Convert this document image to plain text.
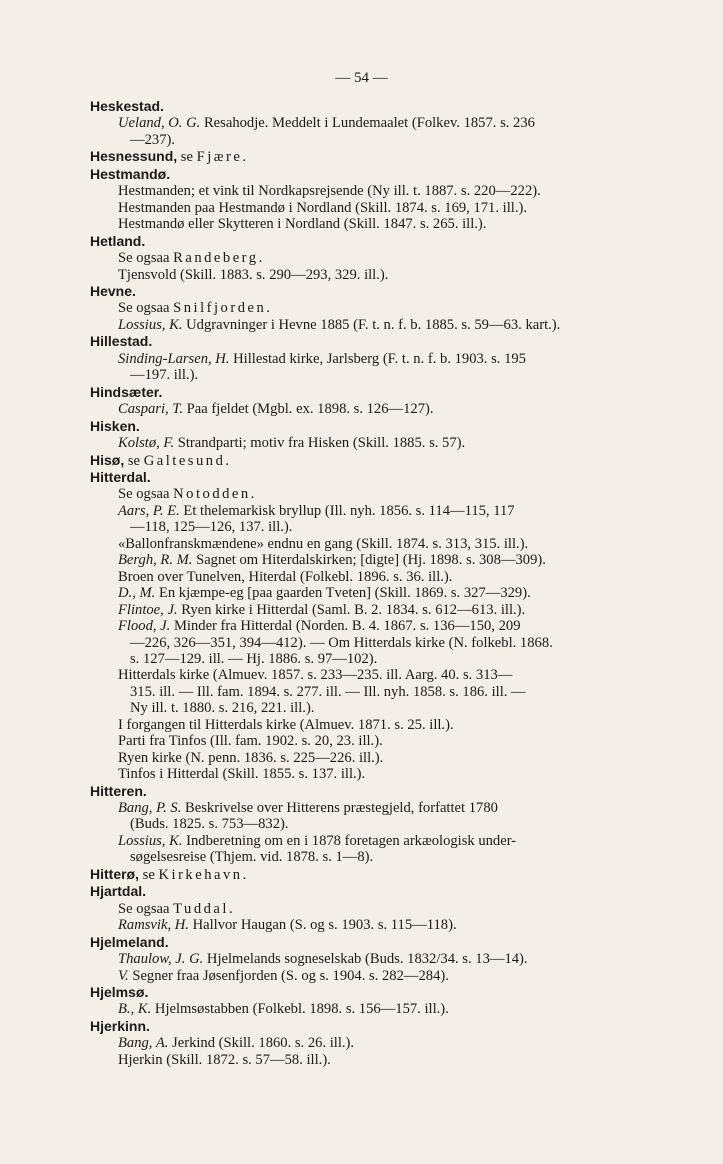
— 54 —
Heskestad.
Ueland, O. G. Resahodje. Meddelt i Lundemaalet (Folkev. 1857. s. 236
—237).
Hesnessund, se Fjære.
Hestmandø.
Hestmanden; et vink til Nordkapsrejsende (Ny ill. t. 1887. s. 220—222).
Hestmanden paa Hestmandø i Nordland (Skill. 1874. s. 169, 171. ill.).
Hestmandø eller Skytteren i Nordland (Skill. 1847. s. 265. ill.).
Hetland.
Se ogsaa Randeberg.
Tjensvold (Skill. 1883. s. 290—293, 329. ill.).
Hevne.
Se ogsaa Snilfjorden.
Lossius, K. Udgravninger i Hevne 1885 (F. t. n. f. b. 1885. s. 59—63. kart.).
Hillestad.
Sinding-Larsen, H. Hillestad kirke, Jarlsberg (F. t. n. f. b. 1903. s. 195
—197. ill.).
Hindsæter.
Caspari, T. Paa fjeldet (Mgbl. ex. 1898. s. 126—127).
Hisken.
Kolstø, F. Strandparti; motiv fra Hisken (Skill. 1885. s. 57).
Hisø, se Galtesund.
Hitterdal.
Se ogsaa Notodden.
Aars, P. E. Et thelemarkisk bryllup (Ill. nyh. 1856. s. 114—115, 117
—118, 125—126, 137. ill.).
«Ballonfranskmændene» endnu en gang (Skill. 1874. s. 313, 315. ill.).
Bergh, R. M. Sagnet om Hiterdalskirken; [digte] (Hj. 1898. s. 308—309).
Broen over Tunelven, Hiterdal (Folkebl. 1896. s. 36. ill.).
D., M. En kjæmpe-eg [paa gaarden Tveten] (Skill. 1869. s. 327—329).
Flintoe, J. Ryen kirke i Hitterdal (Saml. B. 2. 1834. s. 612—613. ill.).
Flood, J. Minder fra Hitterdal (Norden. B. 4. 1867. s. 136—150, 209
—226, 326—351, 394—412). — Om Hitterdals kirke (N. folkebl. 1868.
s. 127—129. ill. — Hj. 1886. s. 97—102).
Hitterdals kirke (Almuev. 1857. s. 233—235. ill. Aarg. 40. s. 313—
315. ill. — Ill. fam. 1894. s. 277. ill. — Ill. nyh. 1858. s. 186. ill. —
Ny ill. t. 1880. s. 216, 221. ill.).
I forgangen til Hitterdals kirke (Almuev. 1871. s. 25. ill.).
Parti fra Tinfos (Ill. fam. 1902. s. 20, 23. ill.).
Ryen kirke (N. penn. 1836. s. 225—226. ill.).
Tinfos i Hitterdal (Skill. 1855. s. 137. ill.).
Hitteren.
Bang, P. S. Beskrivelse over Hitterens præstegjeld, forfattet 1780
(Buds. 1825. s. 753—832).
Lossius, K. Indberetning om en i 1878 foretagen arkæologisk under-
søgelsesreise (Thjem. vid. 1878. s. 1—8).
Hitterø, se Kirkehavn.
Hjartdal.
Se ogsaa Tuddal.
Ramsvik, H. Hallvor Haugan (S. og s. 1903. s. 115—118).
Hjelmeland.
Thaulow, J. G. Hjelmelands sogneselskab (Buds. 1832/34. s. 13—14).
V. Segner fraa Jøsenfjorden (S. og s. 1904. s. 282—284).
Hjelmsø.
B., K. Hjelmsøstabben (Folkebl. 1898. s. 156—157. ill.).
Hjerkinn.
Bang, A. Jerkind (Skill. 1860. s. 26. ill.).
Hjerkin (Skill. 1872. s. 57—58. ill.).
